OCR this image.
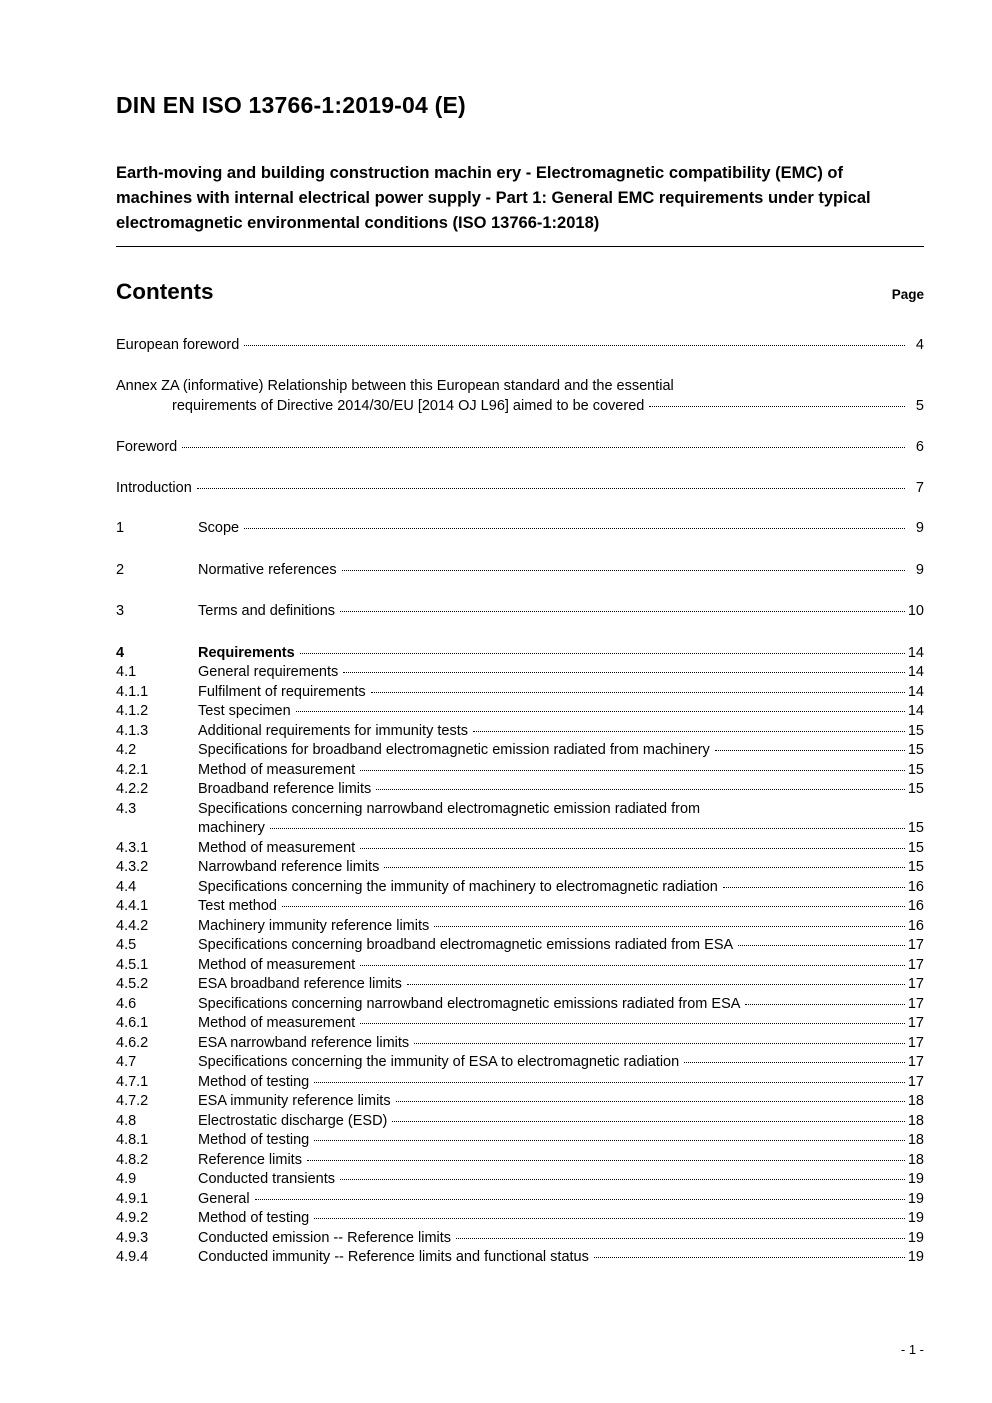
DIN EN ISO 13766-1:2019-04 (E)
Earth-moving and building construction machin ery - Electromagnetic compatibility (EMC) of machines with internal electrical power supply - Part 1: General EMC requirements under typical electromagnetic environmental conditions (ISO 13766-1:2018)
Contents	Page
European foreword	4
Annex ZA (informative) Relationship between this European standard and the essential
requirements of Directive 2014/30/EU [2014 OJ L96] aimed to be covered	5
Foreword	6
Introduction	7
1	Scope	9
2	Normative references	9
3	Terms and definitions	10
4	Requirements	14
4.1	General requirements	14
4.1.1	Fulfilment of requirements	14
4.1.2	Test specimen	14
4.1.3	Additional requirements for immunity tests	15
4.2	Specifications for broadband electromagnetic emission radiated from machinery	15
4.2.1	Method of measurement	15
4.2.2	Broadband reference limits	15
4.3	Specifications concerning narrowband electromagnetic emission radiated from
machinery	15
4.3.1	Method of measurement	15
4.3.2	Narrowband reference limits	15
4.4	Specifications concerning the immunity of machinery to electromagnetic radiation	16
4.4.1	Test method	16
4.4.2	Machinery immunity reference limits	16
4.5	Specifications concerning broadband electromagnetic emissions radiated from ESA	17
4.5.1	Method of measurement	17
4.5.2	ESA broadband reference limits	17
4.6	Specifications concerning narrowband electromagnetic emissions radiated from ESA	17
4.6.1	Method of measurement	17
4.6.2	ESA narrowband reference limits	17
4.7	Specifications concerning the immunity of ESA to electromagnetic radiation	17
4.7.1	Method of testing	17
4.7.2	ESA immunity reference limits	18
4.8	Electrostatic discharge (ESD)	18
4.8.1	Method of testing	18
4.8.2	Reference limits	18
4.9	Conducted transients	19
4.9.1	General	19
4.9.2	Method of testing	19
4.9.3	Conducted emission -- Reference limits	19
4.9.4	Conducted immunity -- Reference limits and functional status	19
- 1 -
